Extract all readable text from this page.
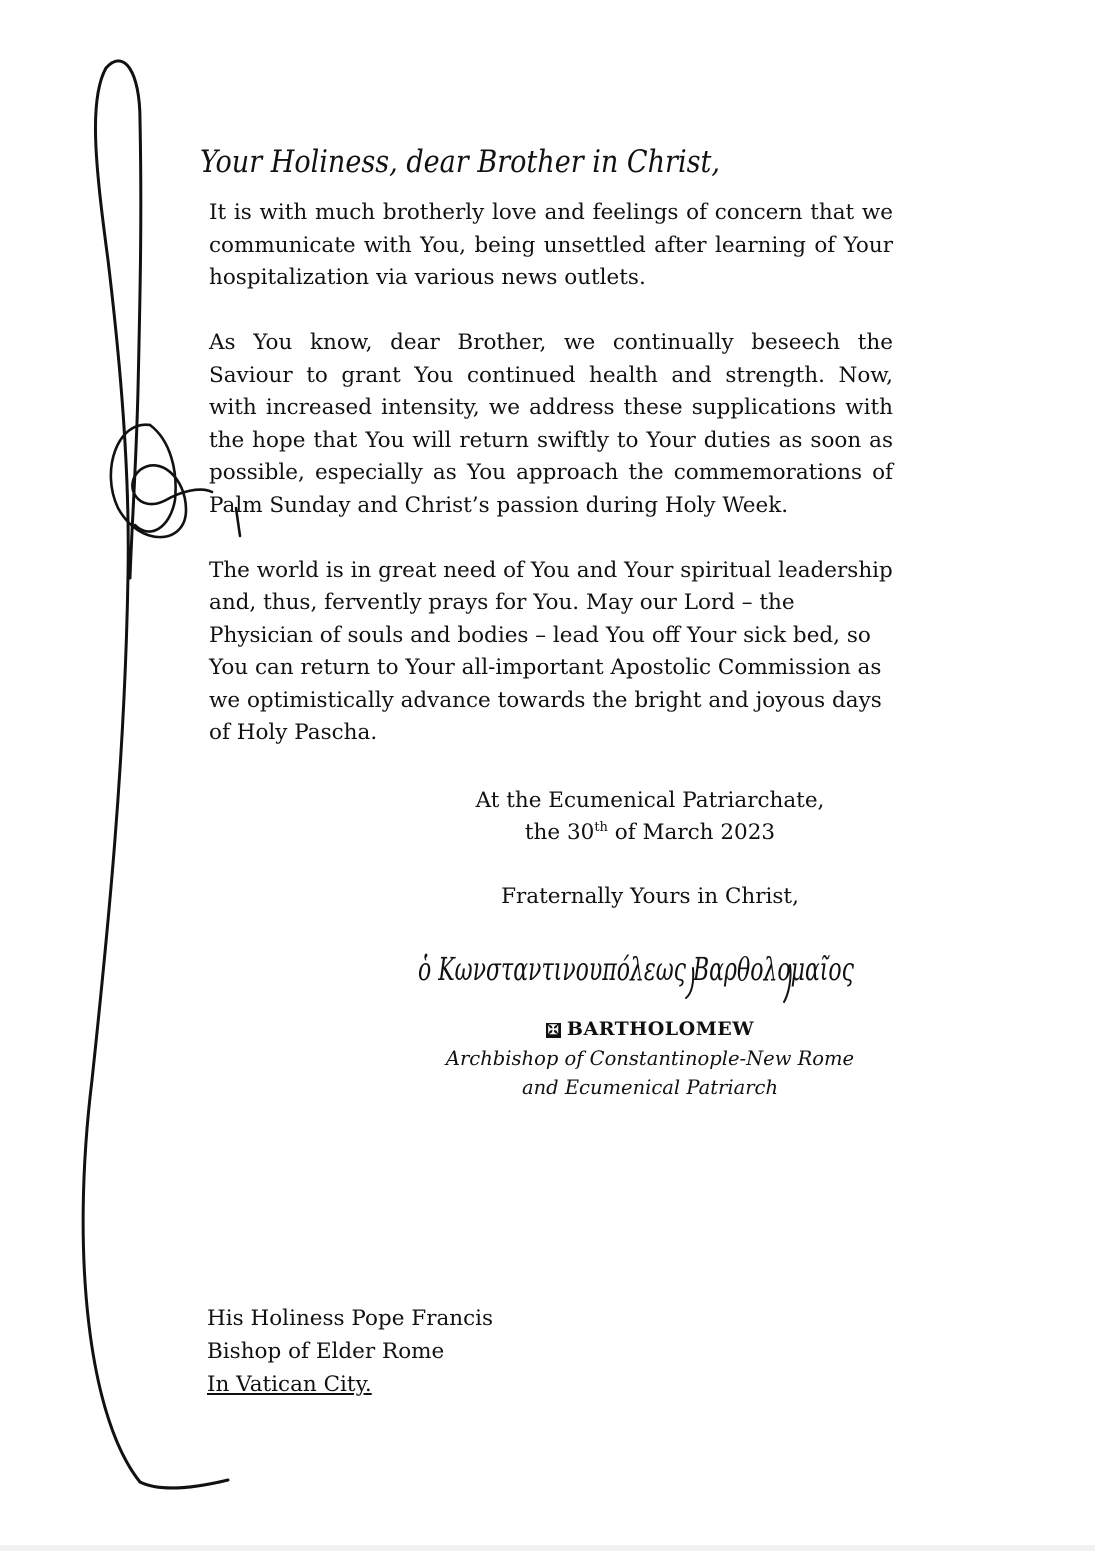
Your Holiness, dear Brother in Christ,
ὁ Κωνσταντινουπόλεως Βαρθολομαῖος

It is with much brotherly love and feelings of concern that we communicate with You, being unsettled after learning of Your hospitalization via various news outlets.

As You know, dear Brother, we continually beseech the Saviour to grant You continued health and strength. Now, with increased intensity, we address these supplications with the hope that You will return swiftly to Your duties as soon as possible, especially as You approach the commemorations of Palm Sunday and Christ’s passion during Holy Week.

The world is in great need of You and Your spiritual leadership and, thus, fervently prays for You. May our Lord – the Physician of souls and bodies – lead You off Your sick bed, so You can return to Your all-important Apostolic Commission as we optimistically advance towards the bright and joyous days of Holy Pascha.

At the Ecumenical Patriarchate,
the 30th of March 2023
Fraternally Yours in Christ,
✠ BARTHOLOMEW
Archbishop of Constantinople-New Rome
and Ecumenical Patriarch
His Holiness Pope Francis
Bishop of Elder Rome
In Vatican City.
